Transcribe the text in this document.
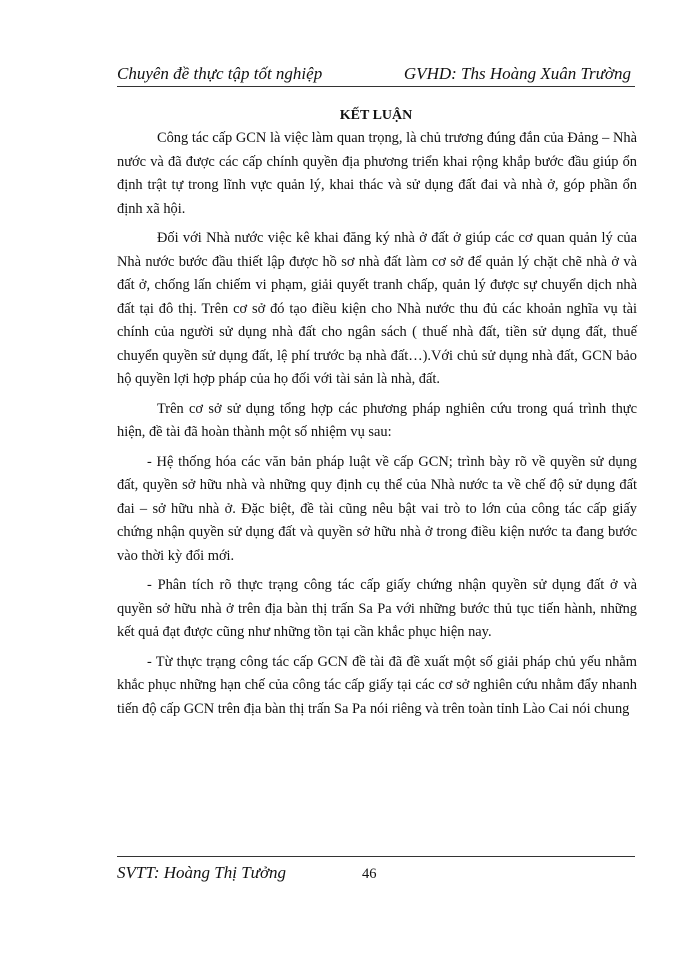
Chuyên đề thực tập tốt nghiệp	GVHD: Ths Hoàng Xuân Trường
KẾT LUẬN

Công tác cấp GCN là việc làm quan trọng, là chủ trương đúng đắn của Đảng – Nhà nước và đã được các cấp chính quyền địa phương triển khai rộng khắp bước đầu giúp ổn định trật tự trong lĩnh vực quản lý, khai thác và sử dụng đất đai và nhà ở, góp phần ổn định xã hội.

Đối với Nhà nước việc kê khai đăng ký nhà ở đất ở giúp các cơ quan quản lý của Nhà nước bước đầu thiết lập được hồ sơ nhà đất làm cơ sở để quản lý chặt chẽ nhà ở và đất ở, chống lấn chiếm vi phạm, giải quyết tranh chấp, quản lý được sự chuyển dịch nhà đất tại đô thị. Trên cơ sở đó tạo điều kiện cho Nhà nước thu đủ các khoản nghĩa vụ tài chính của người sử dụng nhà đất cho ngân sách ( thuế nhà đất, tiền sử dụng đất, thuế chuyển quyền sử dụng đất, lệ phí trước bạ nhà đất…).Với chủ sử dụng nhà đất, GCN bảo hộ quyền lợi hợp pháp của họ đối với tài sản là nhà, đất.

Trên cơ sở sử dụng tổng hợp các phương pháp nghiên cứu trong quá trình thực hiện, đề tài đã hoàn thành một số nhiệm vụ sau:

- Hệ thống hóa các văn bản pháp luật về cấp GCN; trình bày rõ về quyền sử dụng đất, quyền sở hữu nhà và những quy định cụ thể của Nhà nước ta về chế độ sử dụng đất đai – sở hữu nhà ở. Đặc biệt, đề tài cũng nêu bật vai trò to lớn của công tác cấp giấy chứng nhận quyền sử dụng đất và quyền sở hữu nhà ở trong điều kiện nước ta đang bước vào thời kỳ đổi mới.

- Phân tích rõ thực trạng công tác cấp giấy chứng nhận quyền sử dụng đất ở và quyền sở hữu nhà ở trên địa bàn thị trấn Sa Pa với những bước thủ tục tiến hành, những kết quả đạt được cũng như những tồn tại cần khắc phục hiện nay.

- Từ thực trạng công tác cấp GCN đề tài đã đề xuất một số giải pháp chủ yếu nhằm khắc phục những hạn chế của công tác cấp giấy tại các cơ sở nghiên cứu nhằm đẩy nhanh tiến độ cấp GCN trên địa bàn thị trấn Sa Pa nói riêng và trên toàn tỉnh Lào Cai nói chung

SVTT: Hoàng Thị Tưởng	46
